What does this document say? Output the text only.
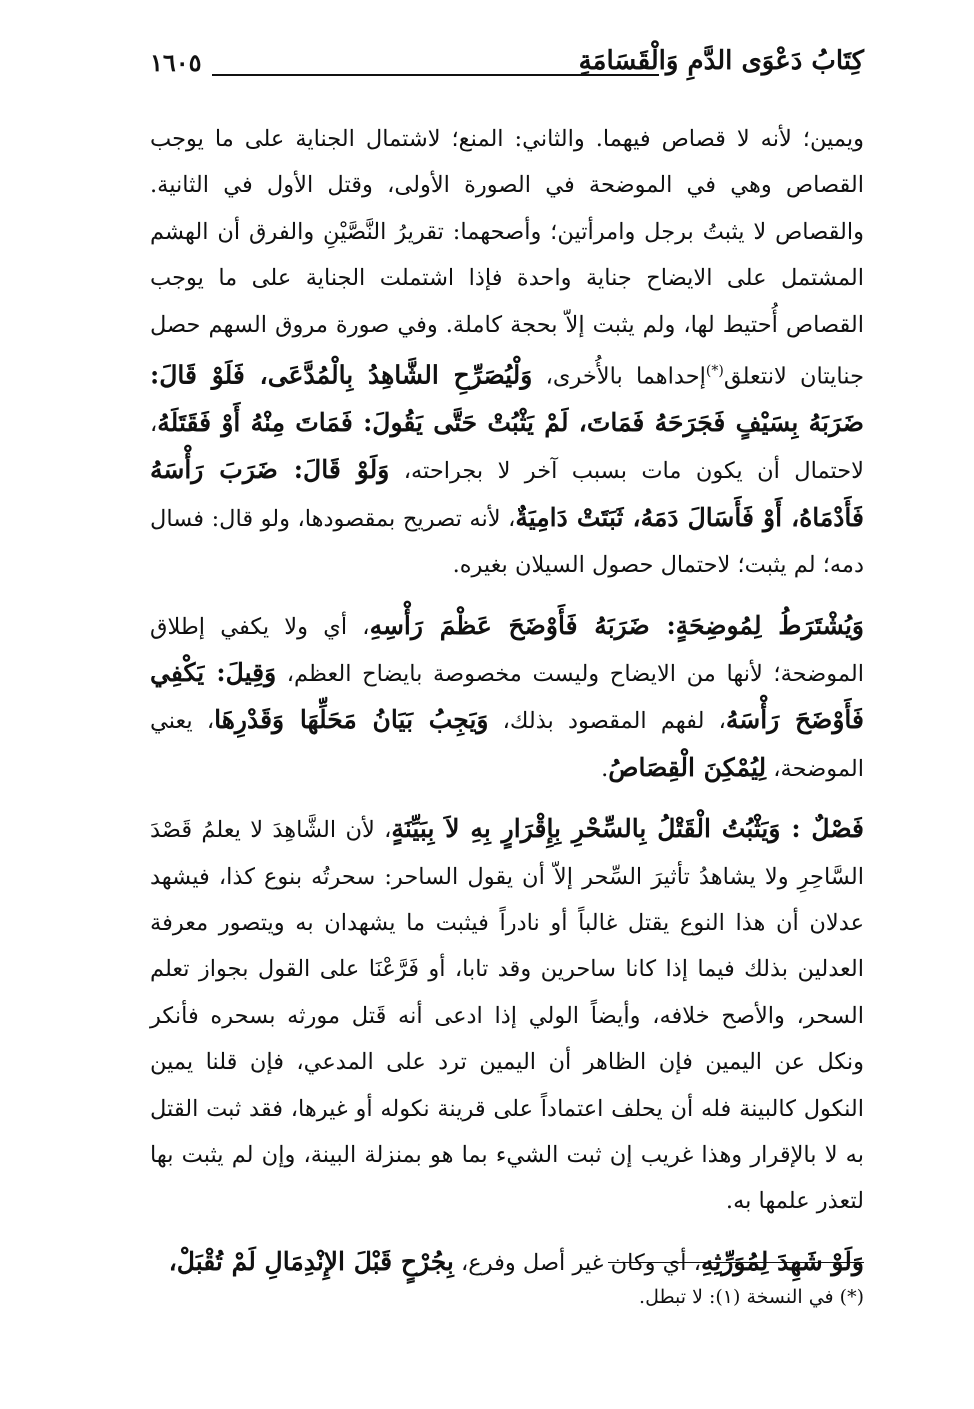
كِتَابُ دَعْوَى الدَّمِ وَالْقَسَامَةِ
١٦٠٥

ويمين؛ لأنه لا قصاص فيهما. والثاني: المنع؛ لاشتمال الجناية على ما يوجب القصاص وهي في الموضحة في الصورة الأولى، وقتل الأول في الثانية. والقصاص لا يثبتُ برجل وامرأتين؛ وأصحهما: تقريرُ النَّصَّيْنِ والفرق أن الهشم المشتمل على الايضاح جناية واحدة فإذا اشتملت الجناية على ما يوجب القصاص أُحتيط لها، ولم يثبت إلاّ بحجة كاملة. وفي صورة مروق السهم حصل جنايتان لانتعلق(*)إحداهما بالأُخرى، وَلْيُصَرِّحِ الشَّاهِدُ بِالْمُدَّعَى، فَلَوْ قَالَ: ضَرَبَهُ بِسَيْفٍ فَجَرَحَهُ فَمَاتَ، لَمْ يَثْبُتْ حَتَّى يَقُولَ: فَمَاتَ مِنْهُ أَوْ فَقَتَلَهُ، لاحتمال أن يكون مات بسبب آخر لا بجراحته، وَلَوْ قَالَ: ضَرَبَ رَأْسَهُ فَأَدْمَاهُ، أَوْ فَأَسَالَ دَمَهُ، ثَبَتَتْ دَامِيَةٌ، لأنه تصريح بمقصودها، ولو قال: فسال دمه؛ لم يثبت؛ لاحتمال حصول السيلان بغيره.

وَيُشْتَرَطُ لِمُوضِحَةٍ: ضَرَبَهُ فَأَوْضَحَ عَظْمَ رَأْسِهِ، أي ولا يكفي إطلاق الموضحة؛ لأنها من الايضاح وليست مخصوصة بايضاح العظم، وَقِيلَ: يَكْفِي فَأَوْضَحَ رَأْسَهُ، لفهم المقصود بذلك، وَيَجِبُ بَيَانُ مَحَلِّهَا وَقَدْرِهَا، يعني الموضحة، لِيُمْكِنَ الْقِصَاصُ.

فَصْلٌ : وَيَثْبُتُ الْقَتْلُ بِالسِّحْرِ بِإِقْرَارٍ بِهِ لاَ بِبَيِّنَةٍ، لأن الشَّاهِدَ لا يعلمُ قَصْدَ السَّاحِرِ ولا يشاهدُ تأثيرَ السِّحر إلاّ أن يقول الساحر: سحرتُه بنوع كذا، فيشهد عدلان أن هذا النوع يقتل غالباً أو نادراً فيثبت ما يشهدان به ويتصور معرفة العدلين بذلك فيما إذا كانا ساحرين وقد تابا، أو فَرَّعْنَا على القول بجواز تعلم السحر، والأصح خلافه، وأيضاً الولي إذا ادعى أنه قَتل مورثه بسحره فأنكر ونكل عن اليمين فإن الظاهر أن اليمين ترد على المدعي، فإن قلنا يمين النكول كالبينة فله أن يحلف اعتماداً على قرينة نكوله أو غيرها، فقد ثبت القتل به لا بالإقرار وهذا غريب إن ثبت الشيء بما هو بمنزلة البينة، وإن لم يثبت بها لتعذر علمها به.

وَلَوْ شَهِدَ لِمُوَرِّثِهِ، أي وكان غير أصل وفرع، بِجُرْحٍ قَبْلَ الإِنْدِمَالِ لَمْ تُقْبَلْ،

(*) في النسخة (١): لا تبطل.
